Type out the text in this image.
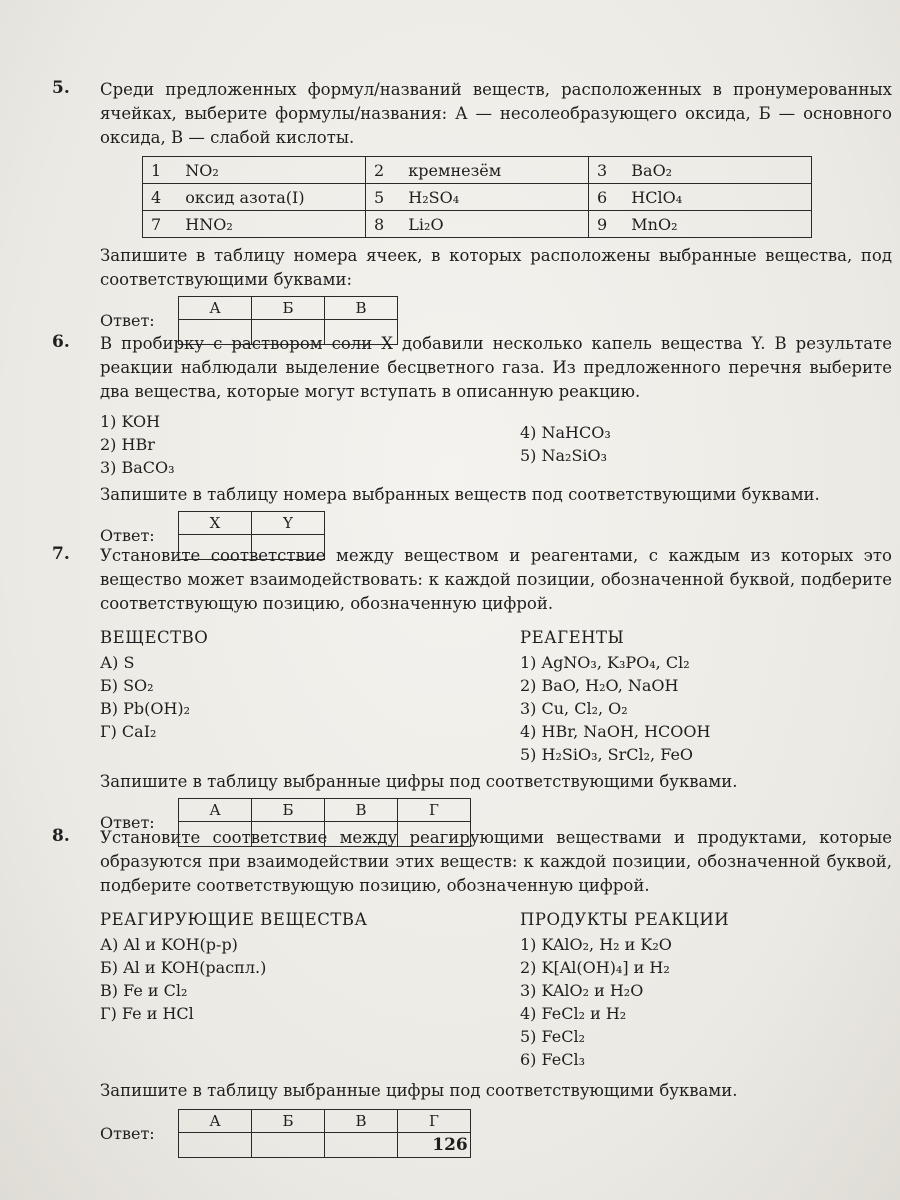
5. Среди предложенных формул/названий веществ, расположенных в пронумерованных ячейках, выберите формулы/названия: А — несолеобразующего оксида, Б — основного оксида, В — слабой кислоты.
1	NO₂	2	кремнезём	3	BaO₂
4	оксид азота(I)	5	H₂SO₄	6	HClO₄
7	HNO₂	8	Li₂O	9	MnO₂
Запишите в таблицу номера ячеек, в которых расположены выбранные вещества, под соответствующими буквами:
Ответ:
А	Б	В

6. В пробирку с раствором соли X добавили несколько капель вещества Y. В результате реакции наблюдали выделение бесцветного газа. Из предложенного перечня выберите два вещества, которые могут вступать в описанную реакцию.
1) KOH
2) HBr
3) BaCO₃
4) NaHCO₃
5) Na₂SiO₃
Запишите в таблицу номера выбранных веществ под соответствующими буквами.
Ответ:
X	Y

7. Установите соответствие между веществом и реагентами, с каждым из которых это вещество может взаимодействовать: к каждой позиции, обозначенной буквой, подберите соответствующую позицию, обозначенную цифрой.
ВЕЩЕСТВО
А) S
Б) SO₂
В) Pb(OH)₂
Г) CaI₂
РЕАГЕНТЫ
1) AgNO₃, K₃PO₄, Cl₂
2) BaO, H₂O, NaOH
3) Cu, Cl₂, O₂
4) HBr, NaOH, HCOOH
5) H₂SiO₃, SrCl₂, FeO
Запишите в таблицу выбранные цифры под соответствующими буквами.
Ответ:
А	Б	В	Г

8. Установите соответствие между реагирующими веществами и продуктами, которые образуются при взаимодействии этих веществ: к каждой позиции, обозначенной буквой, подберите соответствующую позицию, обозначенную цифрой.
РЕАГИРУЮЩИЕ ВЕЩЕСТВА
А) Al и KOH(р-р)
Б) Al и KOH(распл.)
В) Fe и Cl₂
Г) Fe и HCl
ПРОДУКТЫ РЕАКЦИИ
1) KAlO₂, H₂ и K₂O
2) K[Al(OH)₄] и H₂
3) KAlO₂ и H₂O
4) FeCl₂ и H₂
5) FeCl₂
6) FeCl₃
Запишите в таблицу выбранные цифры под соответствующими буквами.
Ответ:
А	Б	В	Г

126
